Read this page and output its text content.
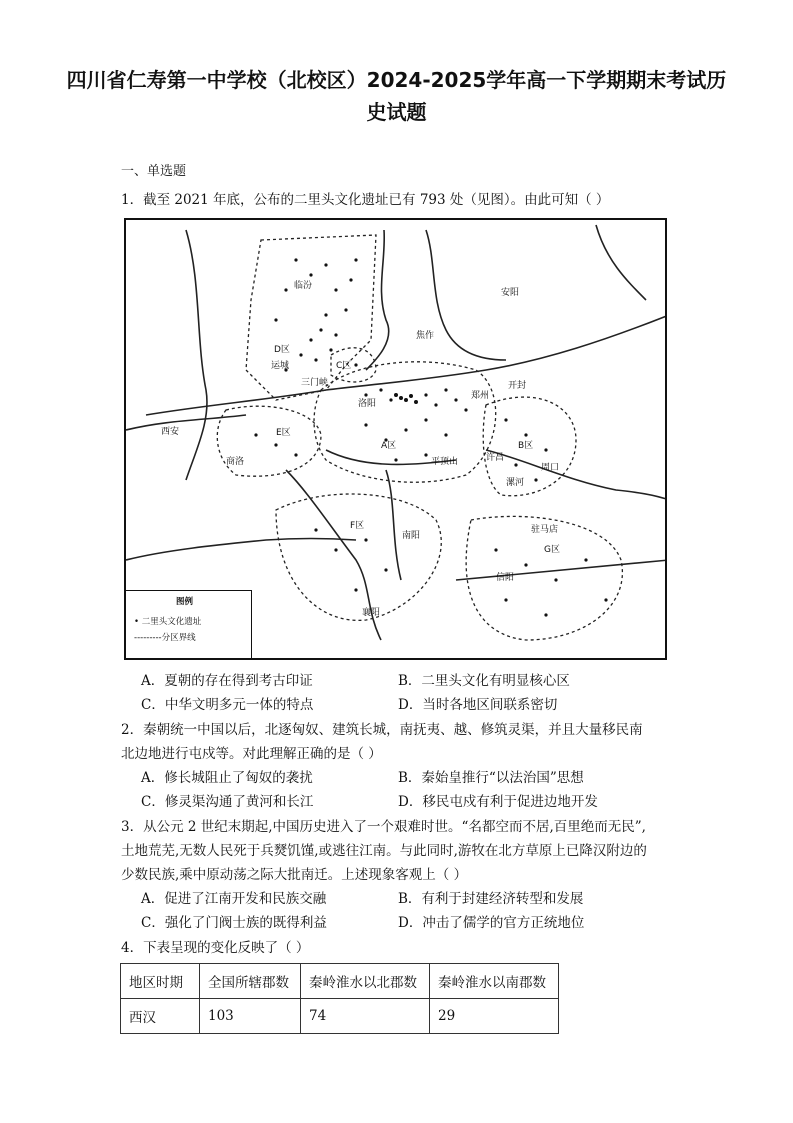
四川省仁寿第一中学校（北校区）2024-2025学年高一下学期期末考试历史试题
一、单选题
1．截至 2021 年底，公布的二里头文化遗址已有 793 处（见图）。由此可知（ ）
临汾
运城
三门峡
焦作
安阳
开封
西安
洛阳
郑州
商洛	平顶山	许昌
周口
漯河
驻马店
南阳
信阳
襄阳
D区
C区
A区
E区
B区
F区
G区
图例
• 二里头文化遗址
---------分区界线
A．夏朝的存在得到考古印证	B．二里头文化有明显核心区
C．中华文明多元一体的特点	D．当时各地区间联系密切
2．秦朝统一中国以后，北逐匈奴、建筑长城，南抚夷、越、修筑灵渠，并且大量移民南
北边地进行屯戍等。对此理解正确的是（ ）
A．修长城阻止了匈奴的袭扰	B．秦始皇推行“以法治国”思想
C．修灵渠沟通了黄河和长江	D．移民屯戍有利于促进边地开发
3．从公元 2 世纪末期起,中国历史进入了一个艰难时世。“名都空而不居,百里绝而无民”,
土地荒芜,无数人民死于兵燹饥馑,或逃往江南。与此同时,游牧在北方草原上已降汉附边的
少数民族,乘中原动荡之际大批南迁。上述现象客观上（ ）
A．促进了江南开发和民族交融	B．有利于封建经济转型和发展
C．强化了门阀士族的既得利益	D．冲击了儒学的官方正统地位
4．下表呈现的变化反映了（ ）
地区时期	全国所辖郡数	秦岭淮水以北郡数	秦岭淮水以南郡数
西汉	103	74	29
